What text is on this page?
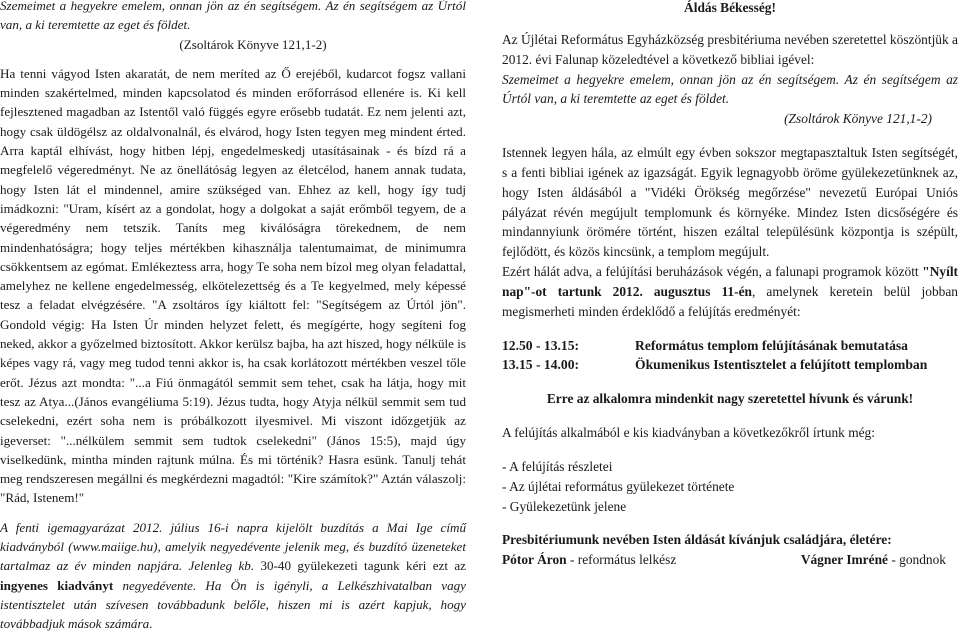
Szemeimet a hegyekre emelem, onnan jön az én segítségem. Az én segítségem az Úrtól van, a ki teremtette az eget és földet.

(Zsoltárok Könyve 121,1-2)

Ha tenni vágyod Isten akaratát, de nem meríted az Ő erejéből, kudarcot fogsz vallani minden szakértelmed, minden kapcsolatod és minden erőforrásod ellenére is. Ki kell fejlesztened magadban az Istentől való függés egyre erősebb tudatát. Ez nem jelenti azt, hogy csak üldögélsz az oldalvonalnál, és elvárod, hogy Isten tegyen meg mindent érted. Arra kaptál elhívást, hogy hitben lépj, engedelmeskedj utasításainak - és bízd rá a megfelelő végeredményt. Ne az önellátóság legyen az életcélod, hanem annak tudata, hogy Isten lát el mindennel, amire szükséged van. Ehhez az kell, hogy így tudj imádkozni: "Uram, kísért az a gondolat, hogy a dolgokat a saját erőmből tegyem, de a végeredmény nem tetszik. Taníts meg kiválóságra törekednem, de nem mindenhatóságra; hogy teljes mértékben kihasználja talentumaimat, de minimumra csökkentsem az egómat. Emlékeztess arra, hogy Te soha nem bízol meg olyan feladattal, amelyhez ne kellene engedelmesség, elkötelezettség és a Te kegyelmed, mely képessé tesz a feladat elvégzésére. "A zsoltáros így kiáltott fel: "Segítségem az Úrtól jön". Gondold végig: Ha Isten Úr minden helyzet felett, és megígérte, hogy segíteni fog neked, akkor a győzelmed biztosított. Akkor kerülsz bajba, ha azt hiszed, hogy nélküle is képes vagy rá, vagy meg tudod tenni akkor is, ha csak korlátozott mértékben veszel tőle erőt. Jézus azt mondta: "...a Fiú önmagától semmit sem tehet, csak ha látja, hogy mit tesz az Atya...(János evangéliuma 5:19). Jézus tudta, hogy Atyja nélkül semmit sem tud cselekedni, ezért soha nem is próbálkozott ilyesmivel. Mi viszont időzgetjük az igeverset: "...nélkülem semmit sem tudtok cselekedni" (János 15:5), majd úgy viselkedünk, mintha minden rajtunk múlna. És mi történik? Hasra esünk. Tanulj tehát meg rendszeresen megállni és megkérdezni magadtól: "Kire számítok?" Aztán válaszolj: "Rád, Istenem!"

A fenti igemagyarázat 2012. július 16-i napra kijelölt buzdítás a Mai Ige című kiadványból (www.maiige.hu), amelyik negyedévente jelenik meg, és buzdító üzeneteket tartalmaz az év minden napjára. Jelenleg kb. 30-40 gyülekezeti tagunk kéri ezt az ingyenes kiadványt negyedévente. Ha Ön is igényli, a Lelkészhivatalban vagy istentisztelet után szívesen továbbadunk belőle, hiszen mi is azért kapjuk, hogy továbbadjuk mások számára.

Áldás Békesség!

Az Újlétai Református Egyházközség presbitériuma nevében szeretettel köszöntjük a 2012. évi Falunap közeledtével a következő bibliai igével:

Szemeimet a hegyekre emelem, onnan jön az én segítségem. Az én segítségem az Úrtól van, a ki teremtette az eget és földet.

(Zsoltárok Könyve 121,1-2)

Istennek legyen hála, az elmúlt egy évben sokszor megtapasztaltuk Isten segítségét, s a fenti bibliai igének az igazságát. Egyik legnagyobb öröme gyülekezetünknek az, hogy Isten áldásából a "Vidéki Örökség megőrzése" nevezetű Európai Uniós pályázat révén megújult templomunk és környéke. Mindez Isten dicsőségére és mindannyiunk örömére történt, hiszen ezáltal településünk központja is szépült, fejlődött, és közös kincsünk, a templom megújult.

Ezért hálát adva, a felújítási beruházások végén, a falunapi programok között "Nyílt nap"-ot tartunk 2012. augusztus 11-én, amelynek keretein belül jobban megismerheti minden érdeklődő a felújítás eredményét:

12.50 - 13.15:	Református templom felújításának bemutatása
13.15 - 14.00:	Ökumenikus Istentisztelet a felújított templomban

Erre az alkalomra mindenkit nagy szeretettel hívunk és várunk!

A felújítás alkalmából e kis kiadványban a következőkről írtunk még:

- A felújítás részletei

- Az újlétai református gyülekezet története

- Gyülekezetünk jelene

Presbitériumunk nevében Isten áldását kívánjuk családjára, életére:

Pótor Áron - református lelkész	Vágner Imréné - gondnok
